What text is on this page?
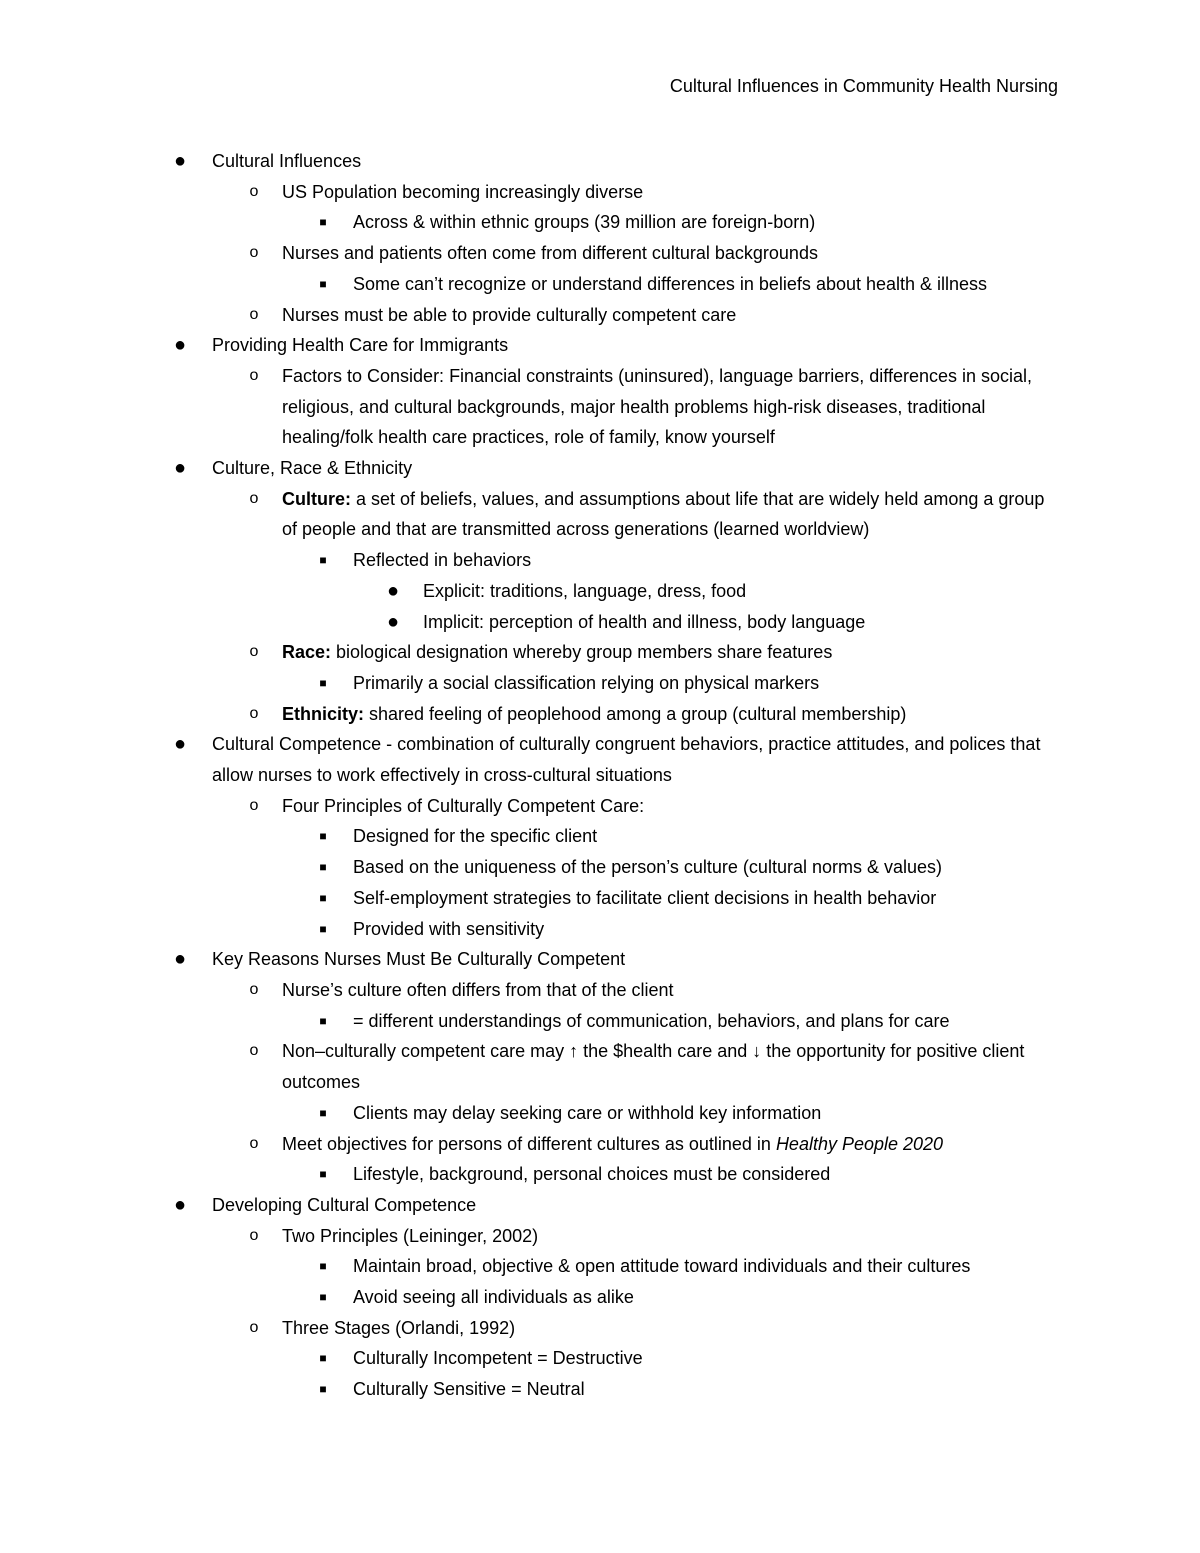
Cultural Influences in Community Health Nursing
● Cultural Influences
o US Population becoming increasingly diverse
■ Across & within ethnic groups (39 million are foreign-born)
o Nurses and patients often come from different cultural backgrounds
■ Some can’t recognize or understand differences in beliefs about health & illness
o Nurses must be able to provide culturally competent care
● Providing Health Care for Immigrants
o Factors to Consider: Financial constraints (uninsured), language barriers, differences in social, religious, and cultural backgrounds, major health problems high-risk diseases, traditional healing/folk health care practices, role of family, know yourself
● Culture, Race & Ethnicity
o Culture: a set of beliefs, values, and assumptions about life that are widely held among a group of people and that are transmitted across generations (learned worldview)
■ Reflected in behaviors
● Explicit: traditions, language, dress, food
● Implicit: perception of health and illness, body language
o Race: biological designation whereby group members share features
■ Primarily a social classification relying on physical markers
o Ethnicity: shared feeling of peoplehood among a group (cultural membership)
● Cultural Competence - combination of culturally congruent behaviors, practice attitudes, and polices that allow nurses to work effectively in cross-cultural situations
o Four Principles of Culturally Competent Care:
■ Designed for the specific client
■ Based on the uniqueness of the person’s culture (cultural norms & values)
■ Self-employment strategies to facilitate client decisions in health behavior
■ Provided with sensitivity
● Key Reasons Nurses Must Be Culturally Competent
o Nurse’s culture often differs from that of the client
■ = different understandings of communication, behaviors, and plans for care
o Non–culturally competent care may ↑ the $health care and ↓ the opportunity for positive client outcomes
■ Clients may delay seeking care or withhold key information
o Meet objectives for persons of different cultures as outlined in Healthy People 2020
■ Lifestyle, background, personal choices must be considered
● Developing Cultural Competence
o Two Principles (Leininger, 2002)
■ Maintain broad, objective & open attitude toward individuals and their cultures
■ Avoid seeing all individuals as alike
o Three Stages (Orlandi, 1992)
■ Culturally Incompetent = Destructive
■ Culturally Sensitive = Neutral
